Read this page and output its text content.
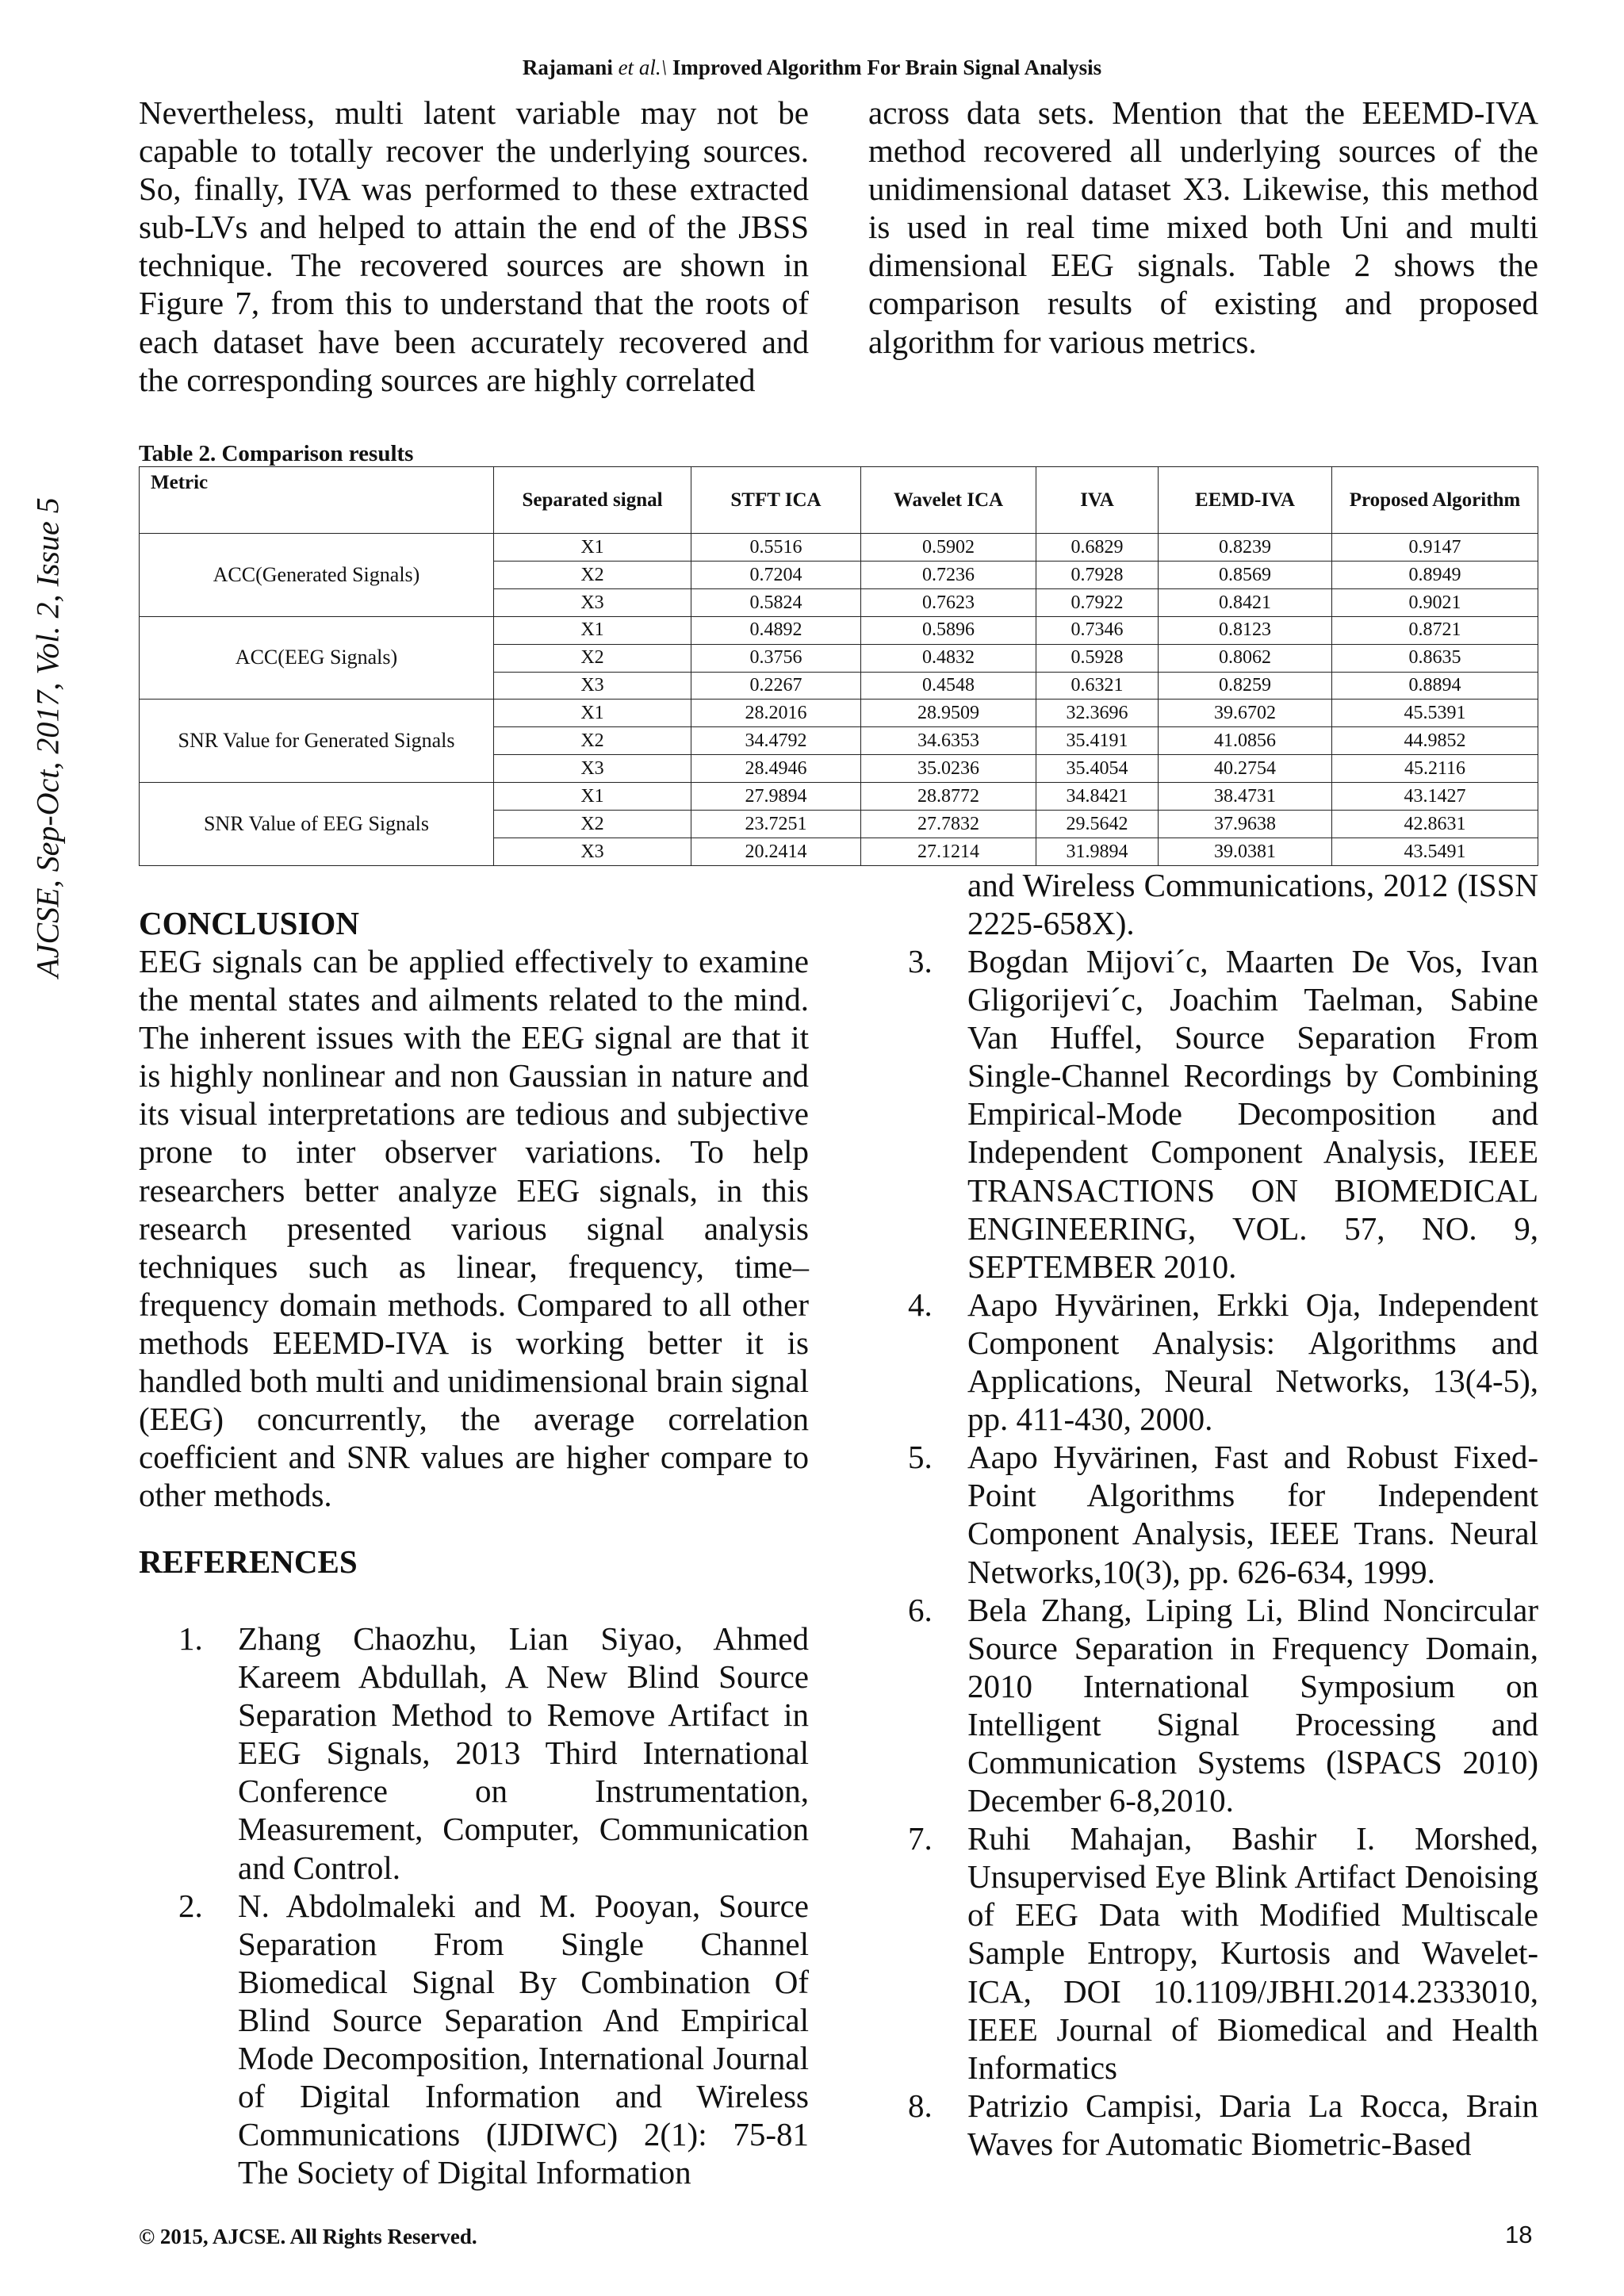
Rajamani et al.\ Improved Algorithm For Brain Signal Analysis
AJCSE, Sep-Oct, 2017, Vol. 2, Issue 5

Nevertheless, multi latent variable may not be capable to totally recover the underlying sources. So, finally, IVA was performed to these extracted sub-LVs and helped to attain the end of the JBSS technique. The recovered sources are shown in Figure 7, from this to understand that the roots of each dataset have been accurately recovered and the corresponding sources are highly correlated

across data sets. Mention that the EEEMD-IVA method recovered all underlying sources of the unidimensional dataset X3. Likewise, this method is used in real time mixed both Uni and multi dimensional EEG signals. Table 2 shows the comparison results of existing and proposed algorithm for various metrics.

Table 2. Comparison results
Metric	Separated signal	STFT ICA	Wavelet ICA	IVA	EEMD-IVA	Proposed Algorithm
ACC(Generated Signals)	X1	0.5516	0.5902	0.6829	0.8239	0.9147
	X2	0.7204	0.7236	0.7928	0.8569	0.8949
	X3	0.5824	0.7623	0.7922	0.8421	0.9021
ACC(EEG Signals)	X1	0.4892	0.5896	0.7346	0.8123	0.8721
	X2	0.3756	0.4832	0.5928	0.8062	0.8635
	X3	0.2267	0.4548	0.6321	0.8259	0.8894
SNR Value for Generated Signals	X1	28.2016	28.9509	32.3696	39.6702	45.5391
	X2	34.4792	34.6353	35.4191	41.0856	44.9852
	X3	28.4946	35.0236	35.4054	40.2754	45.2116
SNR Value of EEG Signals	X1	27.9894	28.8772	34.8421	38.4731	43.1427
	X2	23.7251	27.7832	29.5642	37.9638	42.8631
	X3	20.2414	27.1214	31.9894	39.0381	43.5491
CONCLUSION

EEG signals can be applied effectively to examine the mental states and ailments related to the mind. The inherent issues with the EEG signal are that it is highly nonlinear and non Gaussian in nature and its visual interpretations are tedious and subjective prone to inter observer variations. To help researchers better analyze EEG signals, in this research presented various signal analysis techniques such as linear, frequency, time–frequency domain methods. Compared to all other methods EEEMD-IVA is working better it is handled both multi and unidimensional brain signal (EEG) concurrently, the average correlation coefficient and SNR values are higher compare to other methods.

REFERENCES
1. Zhang Chaozhu, Lian Siyao, Ahmed Kareem Abdullah, A New Blind Source Separation Method to Remove Artifact in EEG Signals, 2013 Third International Conference on Instrumentation, Measurement, Computer, Communication and Control.
2. N. Abdolmaleki and M. Pooyan, Source Separation From Single Channel Biomedical Signal By Combination Of Blind Source Separation And Empirical Mode Decomposition, International Journal of Digital Information and Wireless Communications (IJDIWC) 2(1): 75-81 The Society of Digital Information

and Wireless Communications, 2012 (ISSN 2225-658X).

3. Bogdan Mijovi´c, Maarten De Vos, Ivan Gligorijevi´c, Joachim Taelman, Sabine Van Huffel, Source Separation From Single-Channel Recordings by Combining Empirical-Mode Decomposition and Independent Component Analysis, IEEE TRANSACTIONS ON BIOMEDICAL ENGINEERING, VOL. 57, NO. 9, SEPTEMBER 2010.
4. Aapo Hyvärinen, Erkki Oja, Independent Component Analysis: Algorithms and Applications, Neural Networks, 13(4-5), pp. 411-430, 2000.
5. Aapo Hyvärinen, Fast and Robust Fixed-Point Algorithms for Independent Component Analysis, IEEE Trans. Neural Networks,10(3), pp. 626-634, 1999.
6. Bela Zhang, Liping Li, Blind Noncircular Source Separation in Frequency Domain, 2010 International Symposium on Intelligent Signal Processing and Communication Systems (lSPACS 2010) December 6-8,2010.
7. Ruhi Mahajan, Bashir I. Morshed, Unsupervised Eye Blink Artifact Denoising of EEG Data with Modified Multiscale Sample Entropy, Kurtosis and Wavelet-ICA, DOI 10.1109/JBHI.2014.2333010, IEEE Journal of Biomedical and Health Informatics
8. Patrizio Campisi, Daria La Rocca, Brain Waves for Automatic Biometric-Based
© 2015, AJCSE. All Rights Reserved.	18
